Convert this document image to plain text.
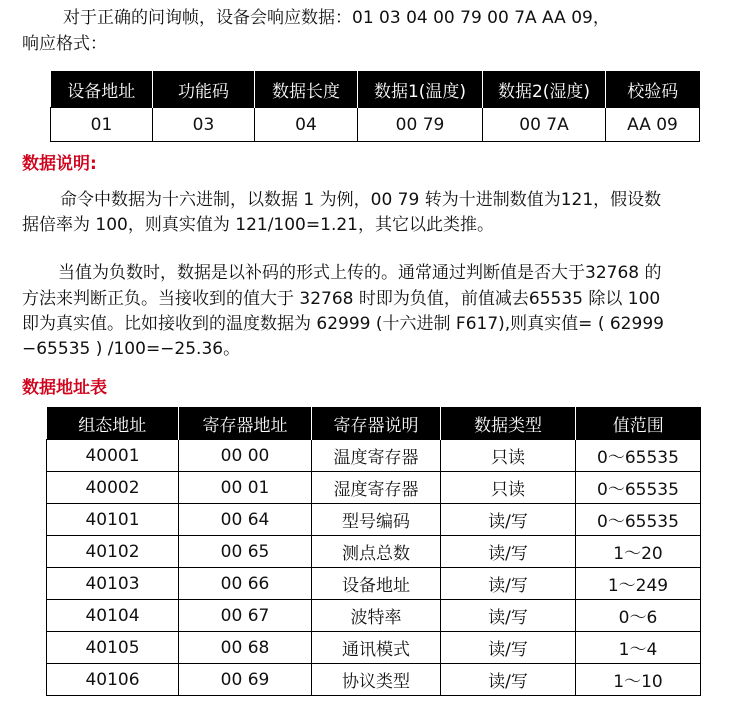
对于正确的问询帧，设备会响应数据：01 03 04 00 79 00 7A AA 09，
响应格式：
设备地址	功能码	数据长度	数据1(温度)	数据2(湿度)	校验码
01	03	04	00 79	00 7A	AA 09
数据说明:
命令中数据为十六进制，以数据 1 为例，00 79 转为十进制数值为121，假设数
据倍率为 100，则真实值为 121/100=1.21，其它以此类推。
当值为负数时，数据是以补码的形式上传的。通常通过判断值是否大于32768 的
方法来判断正负。当接收到的值大于 32768 时即为负值，前值减去65535 除以 100
即为真实值。比如接收到的温度数据为 62999 (十六进制 F617),则真实值= ( 62999
−65535 ) /100=−25.36。
数据地址表
组态地址	寄存器地址	寄存器说明	数据类型	值范围
40001	00 00	温度寄存器	只读	0～65535
40002	00 01	湿度寄存器	只读	0～65535
40101	00 64	型号编码	读/写	0～65535
40102	00 65	测点总数	读/写	1～20
40103	00 66	设备地址	读/写	1～249
40104	00 67	波特率	读/写	0～6
40105	00 68	通讯模式	读/写	1～4
40106	00 69	协议类型	读/写	1～10
